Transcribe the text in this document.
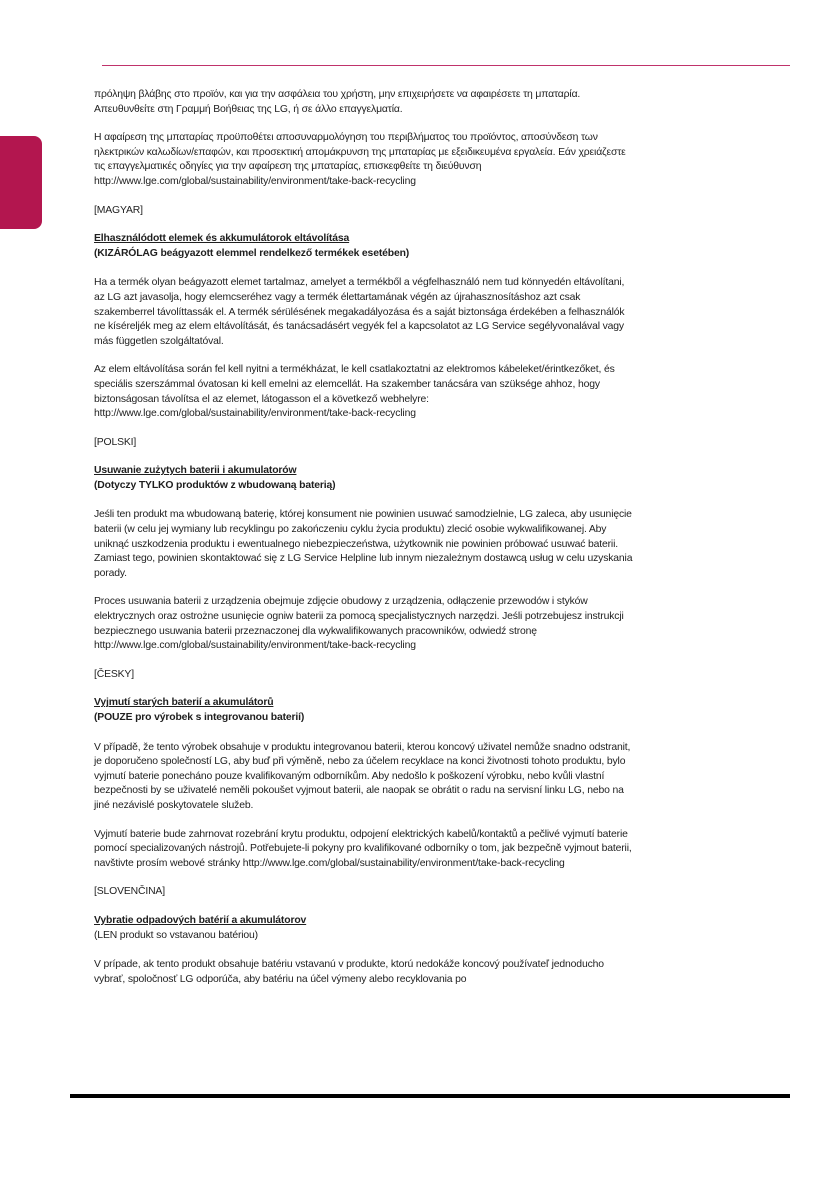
πρόληψη βλάβης στο προϊόν, και για την ασφάλεια του χρήστη, μην επιχειρήσετε να αφαιρέσετε τη μπαταρία. Απευθυνθείτε στη Γραμμή Βοήθειας της LG, ή σε άλλο επαγγελματία.

Η αφαίρεση της μπαταρίας προϋποθέτει αποσυναρμολόγηση του περιβλήματος του προϊόντος, αποσύνδεση των ηλεκτρικών καλωδίων/επαφών, και προσεκτική απομάκρυνση της μπαταρίας με εξειδικευμένα εργαλεία. Εάν χρειάζεστε τις επαγγελματικές οδηγίες για την αφαίρεση της μπαταρίας, επισκεφθείτε τη διεύθυνση http://www.lge.com/global/sustainability/environment/take-back-recycling

[MAGYAR]

Elhasználódott elemek és akkumulátorok eltávolítása
(KIZÁRÓLAG beágyazott elemmel rendelkező termékek esetében)

Ha a termék olyan beágyazott elemet tartalmaz, amelyet a termékből a végfelhasználó nem tud könnyedén eltávolítani, az LG azt javasolja, hogy elemcseréhez vagy a termék élettartamának végén az újrahasznosításhoz azt csak szakemberrel távolíttassák el. A termék sérülésének megakadályozása és a saját biztonsága érdekében a felhasználók ne kíséreljék meg az elem eltávolítását, és tanácsadásért vegyék fel a kapcsolatot az LG Service segélyvonalával vagy más független szolgáltatóval.

Az elem eltávolítása során fel kell nyitni a termékházat, le kell csatlakoztatni az elektromos kábeleket/érintkezőket, és speciális szerszámmal óvatosan ki kell emelni az elemcellát. Ha szakember tanácsára van szüksége ahhoz, hogy biztonságosan távolítsa el az elemet, látogasson el a következő webhelyre: http://www.lge.com/global/sustainability/environment/take-back-recycling

[POLSKI]

Usuwanie zużytych baterii i akumulatorów
(Dotyczy TYLKO produktów z wbudowaną baterią)

Jeśli ten produkt ma wbudowaną baterię, której konsument nie powinien usuwać samodzielnie, LG zaleca, aby usunięcie baterii (w celu jej wymiany lub recyklingu po zakończeniu cyklu życia produktu) zlecić osobie wykwalifikowanej. Aby uniknąć uszkodzenia produktu i ewentualnego niebezpieczeństwa, użytkownik nie powinien próbować usuwać baterii. Zamiast tego, powinien skontaktować się z LG Service Helpline lub innym niezależnym dostawcą usług w celu uzyskania porady.

Proces usuwania baterii z urządzenia obejmuje zdjęcie obudowy z urządzenia, odłączenie przewodów i styków elektrycznych oraz ostrożne usunięcie ogniw baterii za pomocą specjalistycznych narzędzi. Jeśli potrzebujesz instrukcji bezpiecznego usuwania baterii przeznaczonej dla wykwalifikowanych pracowników, odwiedź stronę http://www.lge.com/global/sustainability/environment/take-back-recycling

[ČESKY]

Vyjmutí starých baterií a akumulátorů
(POUZE pro výrobek s integrovanou baterií)

V případě, že tento výrobek obsahuje v produktu integrovanou baterii, kterou koncový uživatel nemůže snadno odstranit, je doporučeno společností LG, aby buď při výměně, nebo za účelem recyklace na konci životnosti tohoto produktu, bylo vyjmutí baterie ponecháno pouze kvalifikovaným odborníkům. Aby nedošlo k poškození výrobku, nebo kvůli vlastní bezpečnosti by se uživatelé neměli pokoušet vyjmout baterii, ale naopak se obrátit o radu na servisní linku LG, nebo na jiné nezávislé poskytovatele služeb.

Vyjmutí baterie bude zahrnovat rozebrání krytu produktu, odpojení elektrických kabelů/kontaktů a pečlivé vyjmutí baterie pomocí specializovaných nástrojů. Potřebujete-li pokyny pro kvalifikované odborníky o tom, jak bezpečně vyjmout baterii, navštivte prosím webové stránky http://www.lge.com/global/sustainability/environment/take-back-recycling

[SLOVENČINA]

Vybratie odpadových batérií a akumulátorov
(LEN produkt so vstavanou batériou)

V prípade, ak tento produkt obsahuje batériu vstavanú v produkte, ktorú nedokáže koncový používateľ jednoducho vybrať, spoločnosť LG odporúča, aby batériu na účel výmeny alebo recyklovania po
